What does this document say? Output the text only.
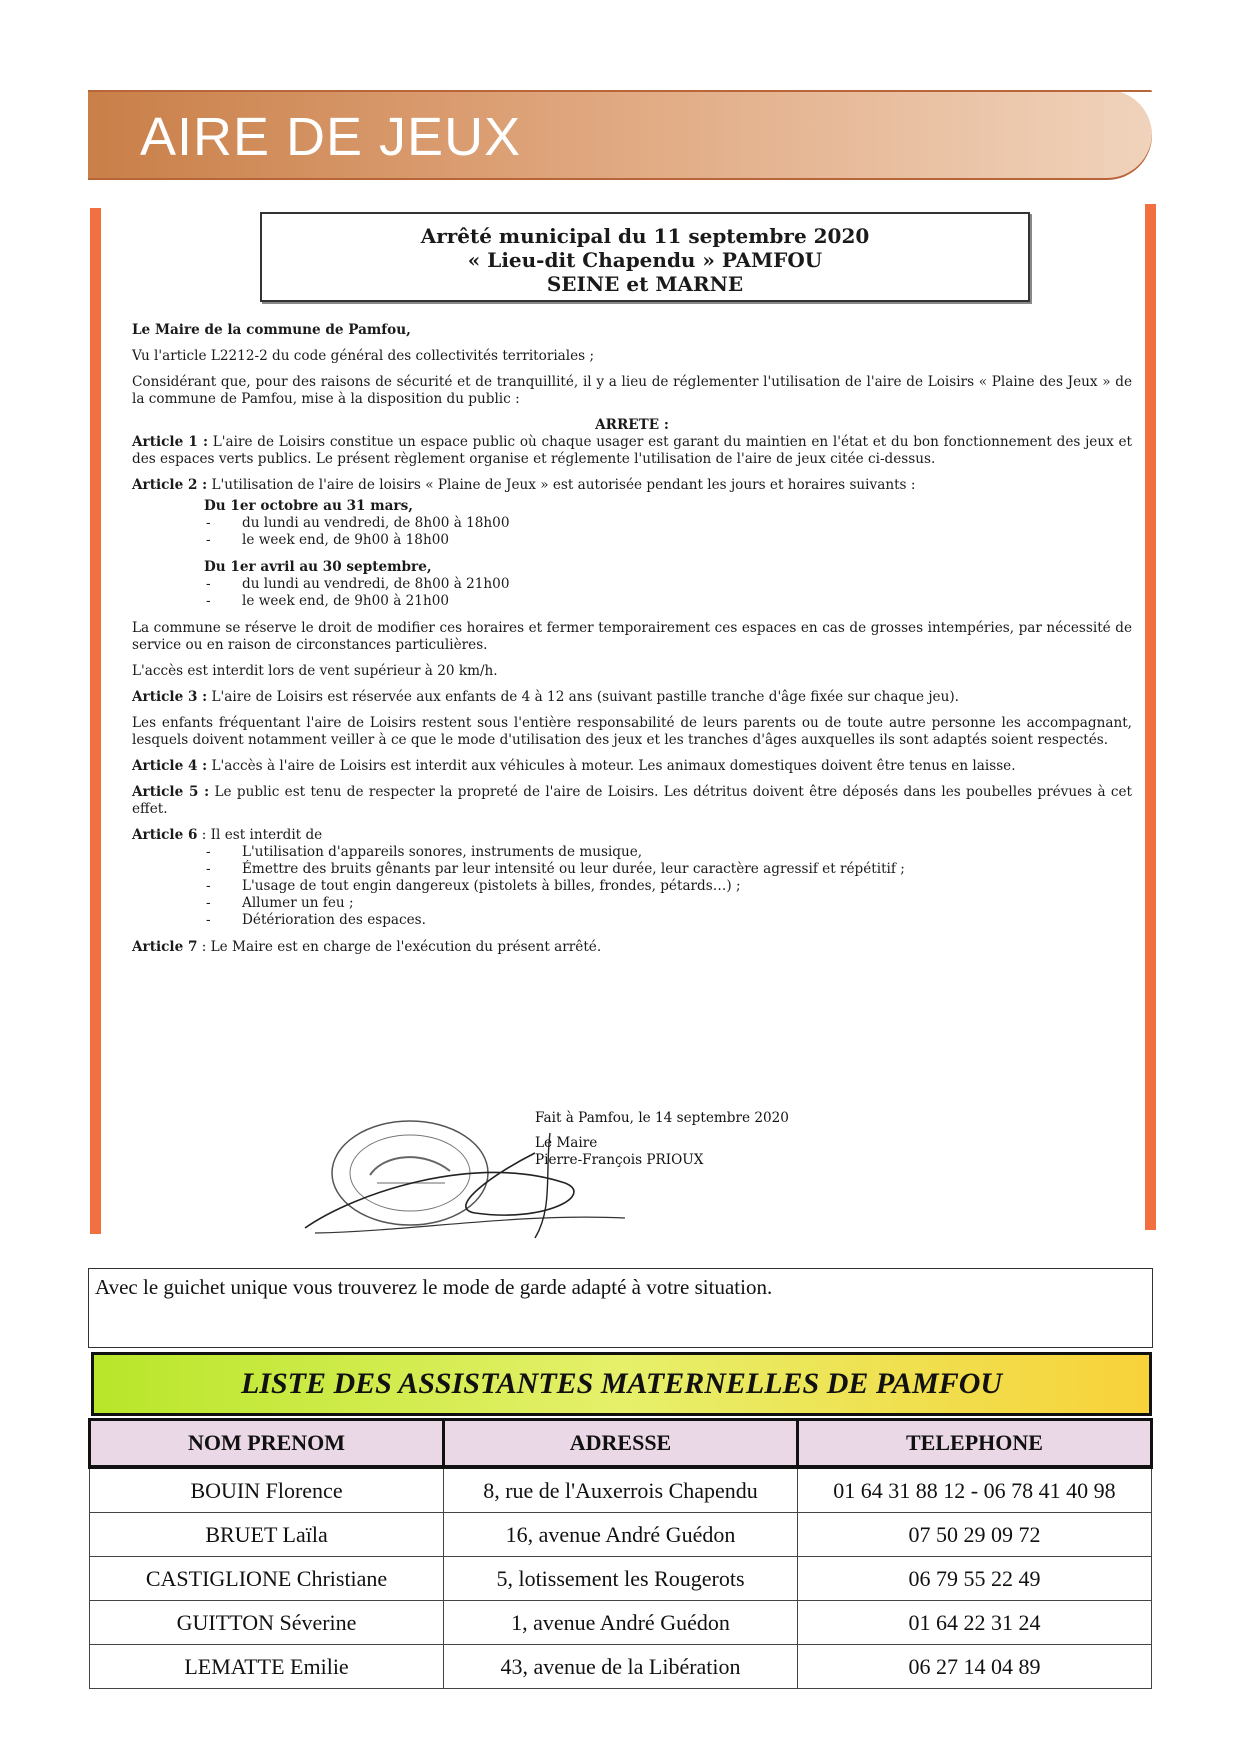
AIRE DE JEUX
Arrêté municipal du 11 septembre 2020
« Lieu-dit Chapendu » PAMFOU
SEINE et MARNE

Le Maire de la commune de Pamfou,

Vu l'article L2212-2 du code général des collectivités territoriales ;

Considérant que, pour des raisons de sécurité et de tranquillité, il y a lieu de réglementer l'utilisation de l'aire de Loisirs « Plaine des Jeux » de la commune de Pamfou, mise à la disposition du public :

ARRETE :

Article 1 : L'aire de Loisirs constitue un espace public où chaque usager est garant du maintien en l'état et du bon fonctionnement des jeux et des espaces verts publics. Le présent règlement organise et réglemente l'utilisation de l'aire de jeux citée ci-dessus.

Article 2 : L'utilisation de l'aire de loisirs « Plaine de Jeux » est autorisée pendant les jours et horaires suivants :

Du 1er octobre au 31 mars,

- du lundi au vendredi, de 8h00 à 18h00
- le week end, de 9h00 à 18h00

Du 1er avril au 30 septembre,

- du lundi au vendredi, de 8h00 à 21h00
- le week end, de 9h00 à 21h00

La commune se réserve le droit de modifier ces horaires et fermer temporairement ces espaces en cas de grosses intempéries, par nécessité de service ou en raison de circonstances particulières.

L'accès est interdit lors de vent supérieur à 20 km/h.

Article 3 : L'aire de Loisirs est réservée aux enfants de 4 à 12 ans (suivant pastille tranche d'âge fixée sur chaque jeu).

Les enfants fréquentant l'aire de Loisirs restent sous l'entière responsabilité de leurs parents ou de toute autre personne les accompagnant, lesquels doivent notamment veiller à ce que le mode d'utilisation des jeux et les tranches d'âges auxquelles ils sont adaptés soient respectés.

Article 4 : L'accès à l'aire de Loisirs est interdit aux véhicules à moteur. Les animaux domestiques doivent être tenus en laisse.

Article 5 : Le public est tenu de respecter la propreté de l'aire de Loisirs. Les détritus doivent être déposés dans les poubelles prévues à cet effet.

Article 6 : Il est interdit de

- L'utilisation d'appareils sonores, instruments de musique,
- Émettre des bruits gênants par leur intensité ou leur durée, leur caractère agressif et répétitif ;
- L'usage de tout engin dangereux (pistolets à billes, frondes, pétards…) ;
- Allumer un feu ;
- Détérioration des espaces.

Article 7 : Le Maire est en charge de l'exécution du présent arrêté.

Fait à Pamfou, le 14 septembre 2020
Le Maire
Pierre-François PRIOUX
Avec le guichet unique vous trouverez le mode de garde adapté à votre situation.
LISTE DES ASSISTANTES MATERNELLES DE PAMFOU
NOM PRENOM	ADRESSE	TELEPHONE
BOUIN Florence	8, rue de l'Auxerrois Chapendu	01 64 31 88 12 - 06 78 41 40 98
BRUET Laïla	16, avenue André Guédon	07 50 29 09 72
CASTIGLIONE Christiane	5, lotissement les Rougerots	06 79 55 22 49
GUITTON Séverine	1, avenue André Guédon	01 64 22 31 24
LEMATTE Emilie	43, avenue de la Libération	06 27 14 04 89
